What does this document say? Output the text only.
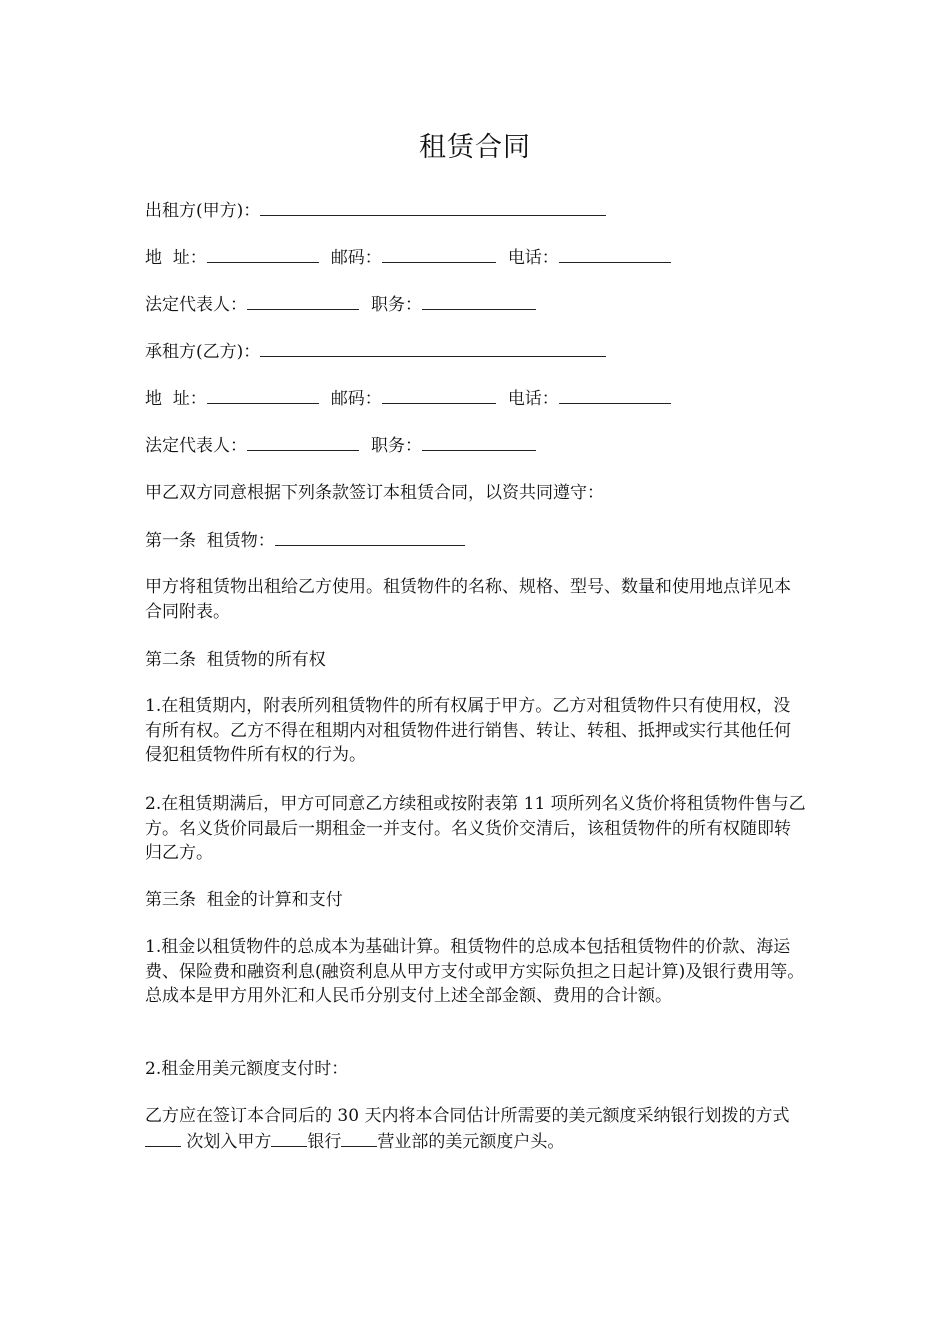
租赁合同
出租方(甲方)：
地  址：	邮码：	电话：
法定代表人：	职务：
承租方(乙方)：
地  址：	邮码：	电话：
法定代表人：	职务：
甲乙双方同意根据下列条款签订本租赁合同，以资共同遵守：
第一条  租赁物：
甲方将租赁物出租给乙方使用。租赁物件的名称、规格、型号、数量和使用地点详见本合同附表。
第二条  租赁物的所有权
1.在租赁期内，附表所列租赁物件的所有权属于甲方。乙方对租赁物件只有使用权，没有所有权。乙方不得在租期内对租赁物件进行销售、转让、转租、抵押或实行其他任何侵犯租赁物件所有权的行为。
2.在租赁期满后，甲方可同意乙方续租或按附表第 11 项所列名义货价将租赁物件售与乙方。名义货价同最后一期租金一并支付。名义货价交清后，该租赁物件的所有权随即转归乙方。
第三条  租金的计算和支付
1.租金以租赁物件的总成本为基础计算。租赁物件的总成本包括租赁物件的价款、海运费、保险费和融资利息(融资利息从甲方支付或甲方实际负担之日起计算)及银行费用等。总成本是甲方用外汇和人民币分别支付上述全部金额、费用的合计额。
2.租金用美元额度支付时：
乙方应在签订本合同后的 30 天内将本合同估计所需要的美元额度采纳银行划拨的方式 次划入甲方 银行 营业部的美元额度户头。
